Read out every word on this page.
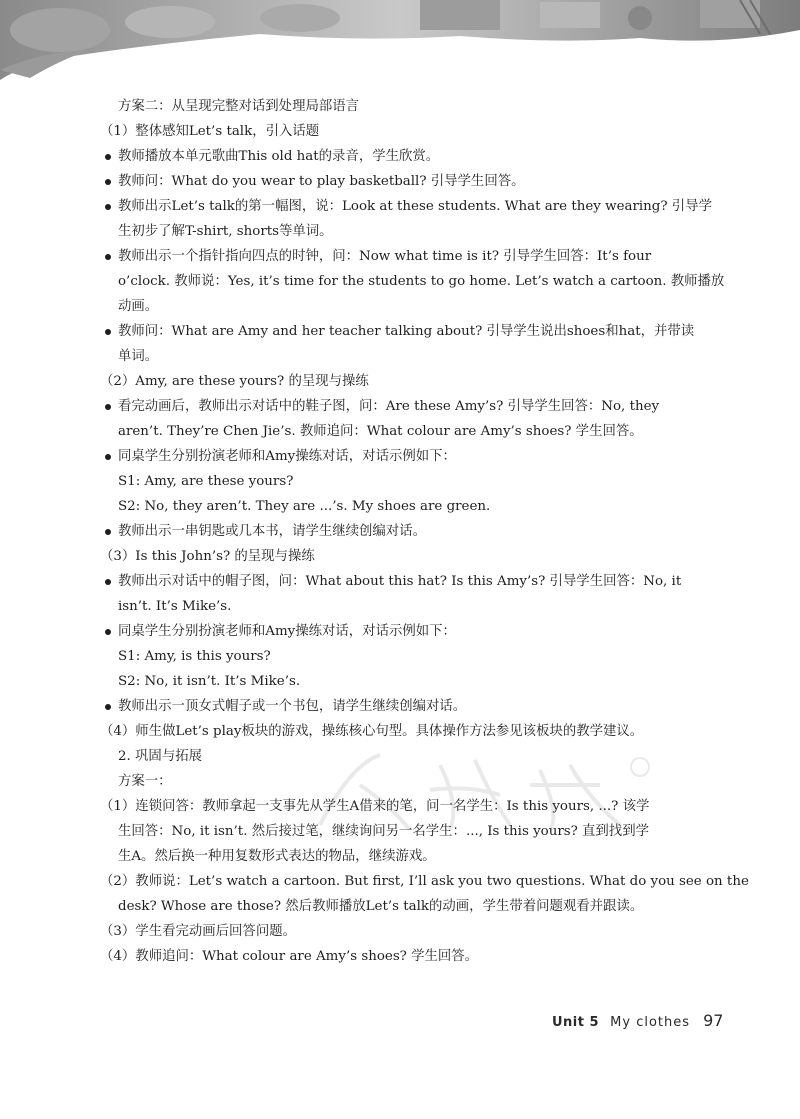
方案二：从呈现完整对话到处理局部语言
（1）整体感知Let’s talk，引入话题
教师播放本单元歌曲This old hat的录音，学生欣赏。
教师问：What do you wear to play basketball? 引导学生回答。
教师出示Let’s talk的第一幅图，说：Look at these students. What are they wearing? 引导学
生初步了解T-shirt, shorts等单词。
教师出示一个指针指向四点的时钟，问：Now what time is it? 引导学生回答：It’s four
o’clock. 教师说：Yes, it’s time for the students to go home. Let’s watch a cartoon. 教师播放
动画。
教师问：What are Amy and her teacher talking about? 引导学生说出shoes和hat，并带读
单词。
（2）Amy, are these yours? 的呈现与操练
看完动画后，教师出示对话中的鞋子图，问：Are these Amy’s? 引导学生回答：No, they
aren’t. They’re Chen Jie’s. 教师追问：What colour are Amy’s shoes? 学生回答。
同桌学生分别扮演老师和Amy操练对话，对话示例如下：
S1: Amy, are these yours?
S2: No, they aren’t. They are ...’s. My shoes are green.
教师出示一串钥匙或几本书，请学生继续创编对话。
（3）Is this John’s? 的呈现与操练
教师出示对话中的帽子图，问：What about this hat? Is this Amy’s? 引导学生回答：No, it
isn’t. It’s Mike’s.
同桌学生分别扮演老师和Amy操练对话，对话示例如下：
S1: Amy, is this yours?
S2: No, it isn’t. It’s Mike’s.
教师出示一顶女式帽子或一个书包，请学生继续创编对话。
（4）师生做Let’s play板块的游戏，操练核心句型。具体操作方法参见该板块的教学建议。
2. 巩固与拓展
方案一：
（1）连锁问答：教师拿起一支事先从学生A借来的笔，问一名学生：Is this yours, ...? 该学
生回答：No, it isn’t. 然后接过笔，继续询问另一名学生：..., Is this yours? 直到找到学
生A。然后换一种用复数形式表达的物品，继续游戏。
（2）教师说：Let’s watch a cartoon. But first, I’ll ask you two questions. What do you see on the
desk? Whose are those? 然后教师播放Let’s talk的动画，学生带着问题观看并跟读。
（3）学生看完动画后回答问题。
（4）教师追问：What colour are Amy’s shoes? 学生回答。
Unit 5 My clothes 97
